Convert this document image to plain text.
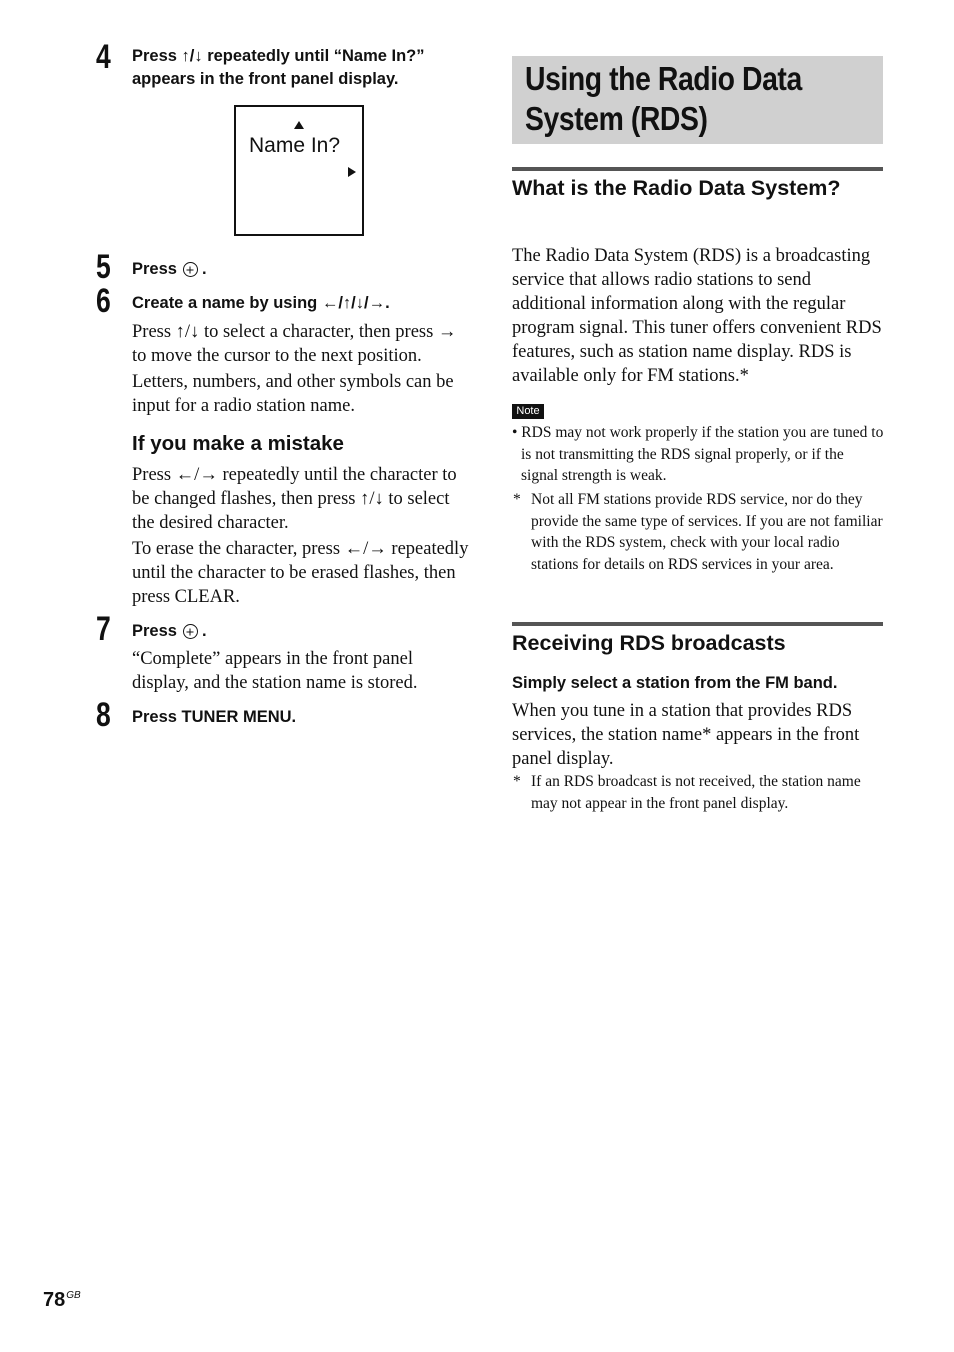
4 Press ↑/↓ repeatedly until “Name In?”
appears in the front panel display.
Name In?
5 Press .
6 Create a name by using ←/↑/↓/→.
Press ↑/↓ to select a character, then press → to move the cursor to the next position.
Letters, numbers, and other symbols can be input for a radio station name.
If you make a mistake
Press ←/→ repeatedly until the character to be changed flashes, then press ↑/↓ to select the desired character.
To erase the character, press ←/→ repeatedly until the character to be erased flashes, then press CLEAR.
7 Press .
“Complete” appears in the front panel display, and the station name is stored.
8 Press TUNER MENU.
Using the Radio Data System (RDS)
What is the Radio Data System?
The Radio Data System (RDS) is a broadcasting service that allows radio stations to send additional information along with the regular program signal. This tuner offers convenient RDS features, such as station name display. RDS is available only for FM stations.*
Note
• RDS may not work properly if the station you are tuned to is not transmitting the RDS signal properly, or if the signal strength is weak.
* Not all FM stations provide RDS service, nor do they provide the same type of services. If you are not familiar with the RDS system, check with your local radio stations for details on RDS services in your area.
Receiving RDS broadcasts
Simply select a station from the FM band.
When you tune in a station that provides RDS services, the station name* appears in the front panel display.
* If an RDS broadcast is not received, the station name may not appear in the front panel display.
$78^{GB}$
